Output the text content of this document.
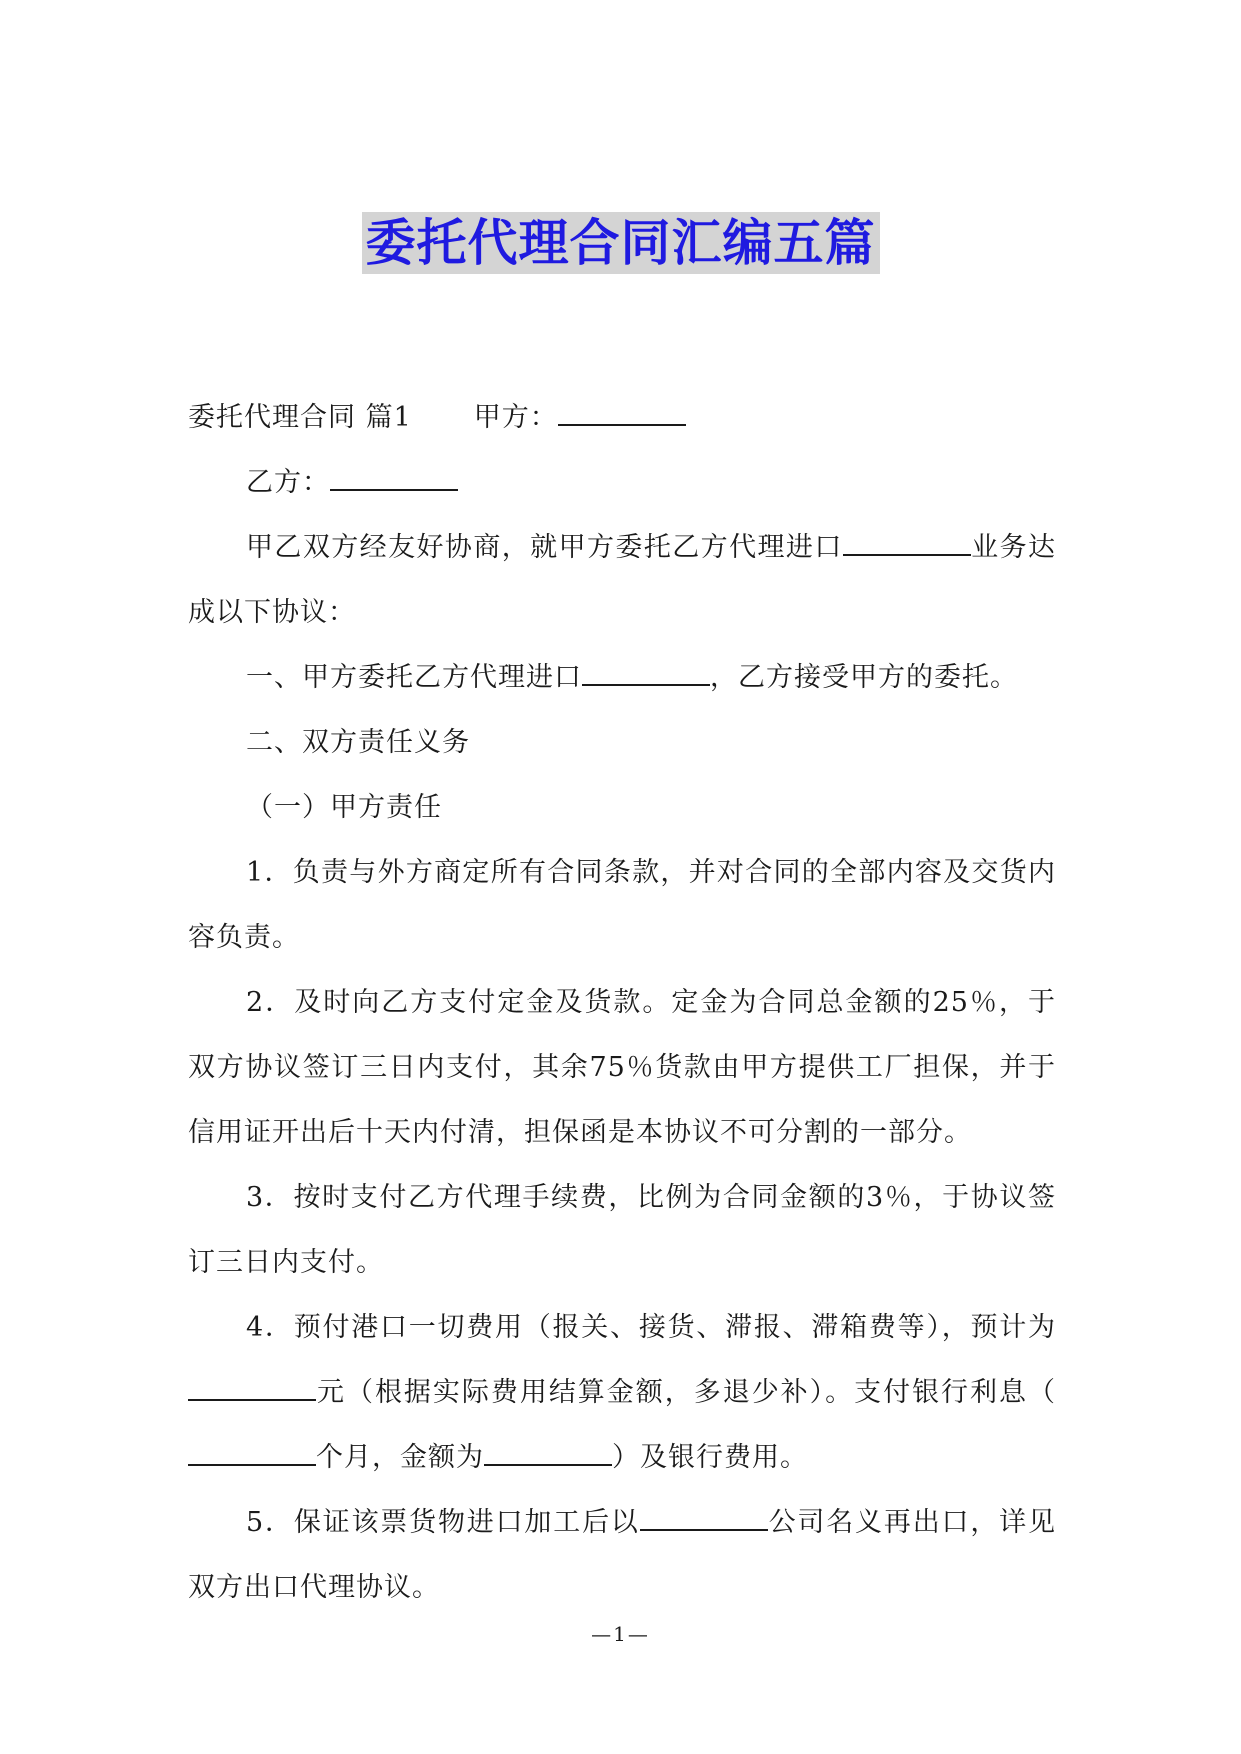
委托代理合同汇编五篇

委托代理合同 篇1 甲方：

乙方：

甲乙双方经友好协商，就甲方委托乙方代理进口	业务达成以下协议：

一、甲方委托乙方代理进口	，乙方接受甲方的委托。

二、双方责任义务

（一）甲方责任

1．负责与外方商定所有合同条款，并对合同的全部内容及交货内容负责。

2．及时向乙方支付定金及货款。定金为合同总金额的25％，于双方协议签订三日内支付，其余75％货款由甲方提供工厂担保，并于信用证开出后十天内付清，担保函是本协议不可分割的一部分。

3．按时支付乙方代理手续费，比例为合同金额的3％，于协议签订三日内支付。

4．预付港口一切费用（报关、接货、滞报、滞箱费等），预计为元（根据实际费用结算金额，多退少补）。支付银行利息（个月，金额为	）及银行费用。

5．保证该票货物进口加工后以	公司名义再出口，详见双方出口代理协议。

—1—
